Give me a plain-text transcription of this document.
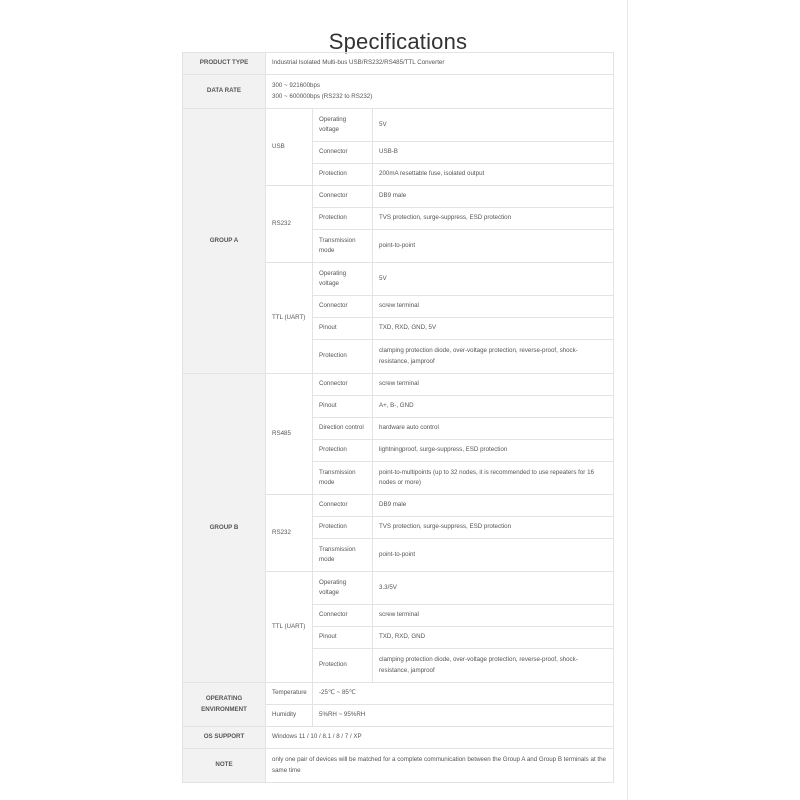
Specifications
PRODUCT TYPE	Industrial Isolated Multi-bus USB/RS232/RS485/TTL Converter		
DATA RATE	300 ~ 921600bps
300 ~ 600000bps (RS232 to RS232)		

GROUP A	USB	Operating voltage	5V
		Connector	USB-B
		Protection	200mA resettable fuse, isolated output
	RS232	Connector	DB9 male
		Protection	TVS protection, surge-suppress, ESD protection
		Transmission mode	point-to-point
	TTL (UART)	Operating voltage	5V
		Connector	screw terminal
		Pinout	TXD, RXD, GND, 5V
		Protection	clamping protection diode, over-voltage protection, reverse-proof, shock-resistance, jamproof
GROUP B	RS485	Connector	screw terminal
		Pinout	A+, B-, GND
		Direction control	hardware auto control
		Protection	lightningproof, surge-suppress, ESD protection
		Transmission mode	point-to-multipoints (up to 32 nodes, it is recommended to use repeaters for 16 nodes or more)
	RS232	Connector	DB9 male
		Protection	TVS protection, surge-suppress, ESD protection
		Transmission mode	point-to-point
	TTL (UART)	Operating voltage	3.3/5V
		Connector	screw terminal
		Pinout	TXD, RXD, GND
		Protection	clamping protection diode, over-voltage protection, reverse-proof, shock-resistance, jamproof
OPERATING ENVIRONMENT	Temperature	-25℃ ~ 85℃	
	Humidity	5%RH ~ 95%RH	
OS SUPPORT	Windows 11 / 10 / 8.1 / 8 / 7 / XP		
NOTE	only one pair of devices will be matched for a complete communication between the Group A and Group B terminals at the same time		
